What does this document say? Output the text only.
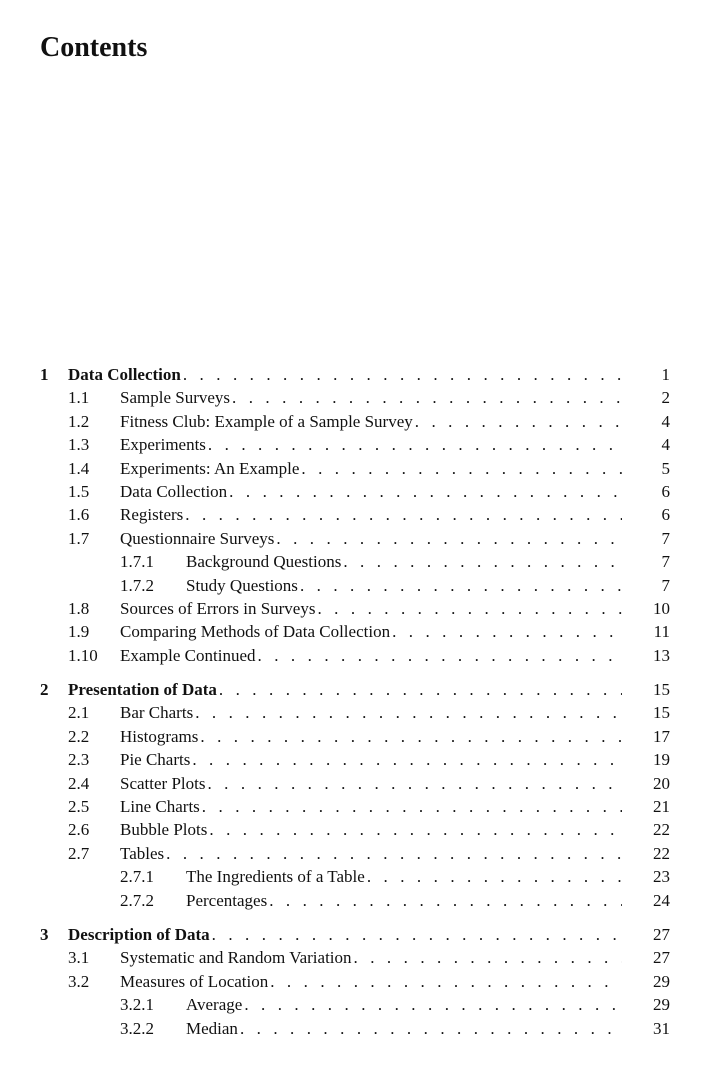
Contents
1	Data Collection . . .	1
1.1	Sample Surveys . . .	2
1.2	Fitness Club: Example of a Sample Survey . . .	4
1.3	Experiments . . .	4
1.4	Experiments: An Example . . .	5
1.5	Data Collection . . .	6
1.6	Registers . . .	6
1.7	Questionnaire Surveys . . .	7
1.7.1	Background Questions . . .	7
1.7.2	Study Questions . . .	7
1.8	Sources of Errors in Surveys . . .	10
1.9	Comparing Methods of Data Collection . . .	11
1.10	Example Continued . . .	13
2	Presentation of Data . . .	15
2.1	Bar Charts . . .	15
2.2	Histograms . . .	17
2.3	Pie Charts . . .	19
2.4	Scatter Plots . . .	20
2.5	Line Charts . . .	21
2.6	Bubble Plots . . .	22
2.7	Tables . . .	22
2.7.1	The Ingredients of a Table . . .	23
2.7.2	Percentages . . .	24
3	Description of Data . . .	27
3.1	Systematic and Random Variation . . .	27
3.2	Measures of Location . . .	29
3.2.1	Average . . .	29
3.2.2	Median . . .	31
